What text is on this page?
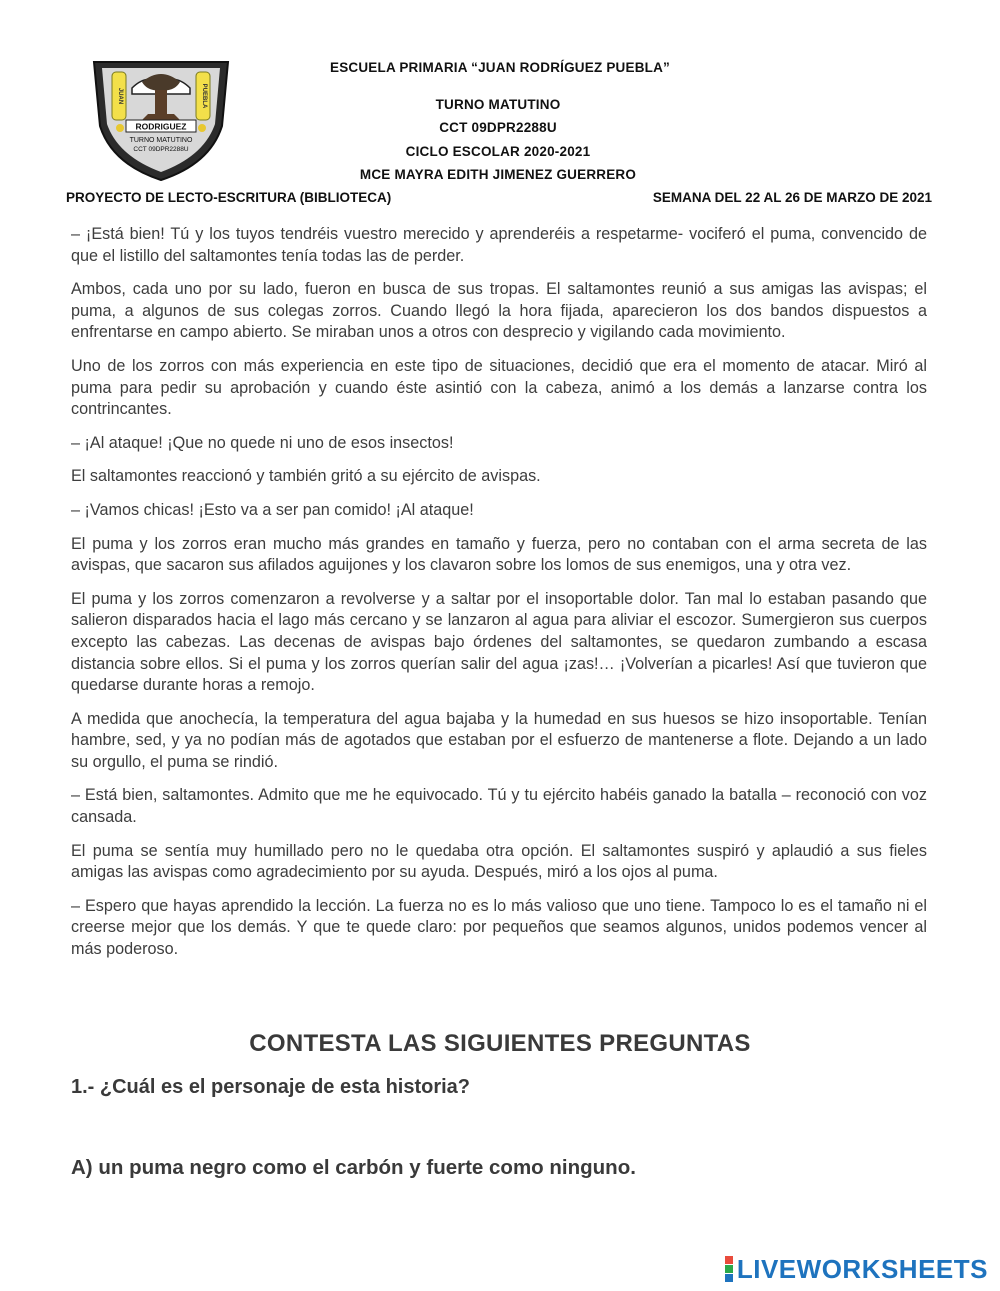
JUAN	PUEBLA
RODRIGUEZ
TURNO MATUTINO
CCT 09DPR2288U
ESCUELA PRIMARIA “JUAN RODRÍGUEZ PUEBLA”
TURNO MATUTINO
CCT 09DPR2288U
CICLO ESCOLAR 2020-2021
MCE MAYRA EDITH JIMENEZ GUERRERO
PROYECTO DE LECTO-ESCRITURA (BIBLIOTECA)	SEMANA DEL 22 AL 26 DE MARZO DE 2021

– ¡Está bien! Tú y los tuyos tendréis vuestro merecido y aprenderéis a respetarme- vociferó el puma, convencido de que el listillo del saltamontes tenía todas las de perder.

Ambos, cada uno por su lado, fueron en busca de sus tropas. El saltamontes reunió a sus amigas las avispas; el puma, a algunos de sus colegas zorros. Cuando llegó la hora fijada, aparecieron los dos bandos dispuestos a enfrentarse en campo abierto. Se miraban unos a otros con desprecio y vigilando cada movimiento.

Uno de los zorros con más experiencia en este tipo de situaciones, decidió que era el momento de atacar. Miró al puma para pedir su aprobación y cuando éste asintió con la cabeza, animó a los demás a lanzarse contra los contrincantes.

– ¡Al ataque! ¡Que no quede ni uno de esos insectos!

El saltamontes reaccionó y también gritó a su ejército de avispas.

– ¡Vamos chicas! ¡Esto va a ser pan comido! ¡Al ataque!

El puma y los zorros eran mucho más grandes en tamaño y fuerza, pero no contaban con el arma secreta de las avispas, que sacaron sus afilados aguijones y los clavaron sobre los lomos de sus enemigos, una y otra vez.

El puma y los zorros comenzaron a revolverse y a saltar por el insoportable dolor. Tan mal lo estaban pasando que salieron disparados hacia el lago más cercano y se lanzaron al agua para aliviar el escozor. Sumergieron sus cuerpos excepto las cabezas. Las decenas de avispas bajo órdenes del saltamontes, se quedaron zumbando a escasa distancia sobre ellos. Si el puma y los zorros querían salir del agua ¡zas!… ¡Volverían a picarles! Así que tuvieron que quedarse durante horas a remojo.

A medida que anochecía, la temperatura del agua bajaba y la humedad en sus huesos se hizo insoportable. Tenían hambre, sed, y ya no podían más de agotados que estaban por el esfuerzo de mantenerse a flote. Dejando a un lado su orgullo, el puma se rindió.

– Está bien, saltamontes. Admito que me he equivocado. Tú y tu ejército habéis ganado la batalla – reconoció con voz cansada.

El puma se sentía muy humillado pero no le quedaba otra opción. El saltamontes suspiró y aplaudió a sus fieles amigas las avispas como agradecimiento por su ayuda. Después, miró a los ojos al puma.

– Espero que hayas aprendido la lección. La fuerza no es lo más valioso que uno tiene. Tampoco lo es el tamaño ni el creerse mejor que los demás. Y que te quede claro: por pequeños que seamos algunos, unidos podemos vencer al más poderoso.

CONTESTA LAS SIGUIENTES PREGUNTAS
1.- ¿Cuál es el personaje de esta historia?
A) un puma negro como el carbón y fuerte como ninguno.
LIVEWORKSHEETS
